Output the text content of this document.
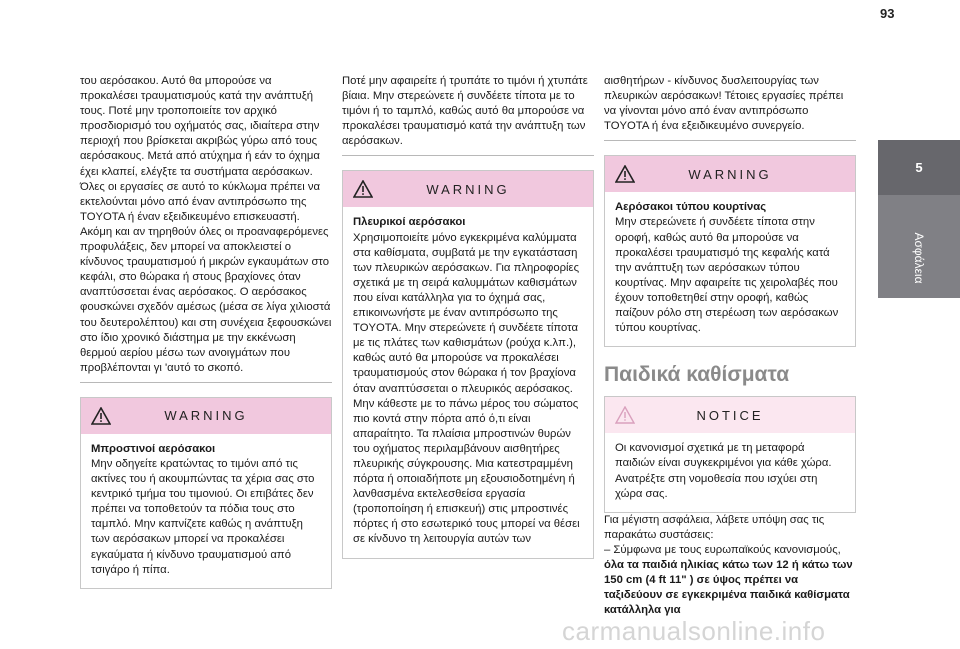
93
5
Ασφάλεια

του αερόσακου. Αυτό θα μπορούσε να προκαλέσει τραυματισμούς κατά την ανάπτυξή τους. Ποτέ μην τροποποιείτε τον αρχικό προσδιορισμό του οχήματός σας, ιδιαίτερα στην περιοχή που βρίσκεται ακριβώς γύρω από τους αερόσακους. Μετά από ατύχημα ή εάν το όχημα έχει κλαπεί, ελέγξτε τα συστήματα αερόσακων. Όλες οι εργασίες σε αυτό το κύκλωμα πρέπει να εκτελούνται μόνο από έναν αντιπρόσωπο της TOYOTA ή έναν εξειδικευμένο επισκευαστή. Ακόμη και αν τηρηθούν όλες οι προαναφερόμενες προφυλάξεις, δεν μπορεί να αποκλειστεί ο κίνδυνος τραυματισμού ή μικρών εγκαυμάτων στο κεφάλι, στο θώρακα ή στους βραχίονες όταν αναπτύσσεται ένας αερόσακος. Ο αερόσακος φουσκώνει σχεδόν αμέσως (μέσα σε λίγα χιλιοστά του δευτερολέπτου) και στη συνέχεια ξεφουσκώνει στο ίδιο χρονικό διάστημα με την εκκένωση θερμού αερίου μέσω των ανοιγμάτων που προβλέπονται γι 'αυτό το σκοπό.

WARNING

Μπροστινοί αερόσακοι

Μην οδηγείτε κρατώντας το τιμόνι από τις ακτίνες του ή ακουμπώντας τα χέρια σας στο κεντρικό τμήμα του τιμονιού. Οι επιβάτες δεν πρέπει να τοποθετούν τα πόδια τους στο ταμπλό. Μην καπνίζετε καθώς η ανάπτυξη των αερόσακων μπορεί να προκαλέσει εγκαύματα ή κίνδυνο τραυματισμού από τσιγάρο ή πίπα.

Ποτέ μην αφαιρείτε ή τρυπάτε το τιμόνι ή χτυπάτε βίαια. Μην στερεώνετε ή συνδέετε τίποτα με το τιμόνι ή το ταμπλό, καθώς αυτό θα μπορούσε να προκαλέσει τραυματισμό κατά την ανάπτυξη των αερόσακων.

WARNING

Πλευρικοί αερόσακοι

Χρησιμοποιείτε μόνο εγκεκριμένα καλύμματα στα καθίσματα, συμβατά με την εγκατάσταση των πλευρικών αερόσακων. Για πληροφορίες σχετικά με τη σειρά καλυμμάτων καθισμάτων που είναι κατάλληλα για το όχημά σας, επικοινωνήστε με έναν αντιπρόσωπο της TOYOTA. Μην στερεώνετε ή συνδέετε τίποτα με τις πλάτες των καθισμάτων (ρούχα κ.λπ.), καθώς αυτό θα μπορούσε να προκαλέσει τραυματισμούς στον θώρακα ή τον βραχίονα όταν αναπτύσσεται ο πλευρικός αερόσακος. Μην κάθεστε με το πάνω μέρος του σώματος πιο κοντά στην πόρτα από ό,τι είναι απαραίτητο. Τα πλαίσια μπροστινών θυρών του οχήματος περιλαμβάνουν αισθητήρες πλευρικής σύγκρουσης. Μια κατεστραμμένη πόρτα ή οποιαδήποτε μη εξουσιοδοτημένη ή λανθασμένα εκτελεσθείσα εργασία (τροποποίηση ή επισκευή) στις μπροστινές πόρτες ή στο εσωτερικό τους μπορεί να θέσει σε κίνδυνο τη λειτουργία αυτών των

αισθητήρων - κίνδυνος δυσλειτουργίας των πλευρικών αερόσακων! Τέτοιες εργασίες πρέπει να γίνονται μόνο από έναν αντιπρόσωπο TOYOTA ή ένα εξειδικευμένο συνεργείο.

WARNING

Αερόσακοι τύπου κουρτίνας

Μην στερεώνετε ή συνδέετε τίποτα στην οροφή, καθώς αυτό θα μπορούσε να προκαλέσει τραυματισμό της κεφαλής κατά την ανάπτυξη των αερόσακων τύπου κουρτίνας. Μην αφαιρείτε τις χειρολαβές που έχουν τοποθετηθεί στην οροφή, καθώς παίζουν ρόλο στη στερέωση των αερόσακων τύπου κουρτίνας.

Παιδικά καθίσματα
NOTICE

Οι κανονισμοί σχετικά με τη μεταφορά παιδιών είναι συγκεκριμένοι για κάθε χώρα. Ανατρέξτε στη νομοθεσία που ισχύει στη χώρα σας.

Για μέγιστη ασφάλεια, λάβετε υπόψη σας τις παρακάτω συστάσεις:

– Σύμφωνα με τους ευρωπαϊκούς κανονισμούς, όλα τα παιδιά ηλικίας κάτω των 12 ή κάτω των 150 cm (4 ft 11" ) σε ύψος πρέπει να ταξιδεύουν σε εγκεκριμένα παιδικά καθίσματα κατάλληλα για

carmanualsonline.info
